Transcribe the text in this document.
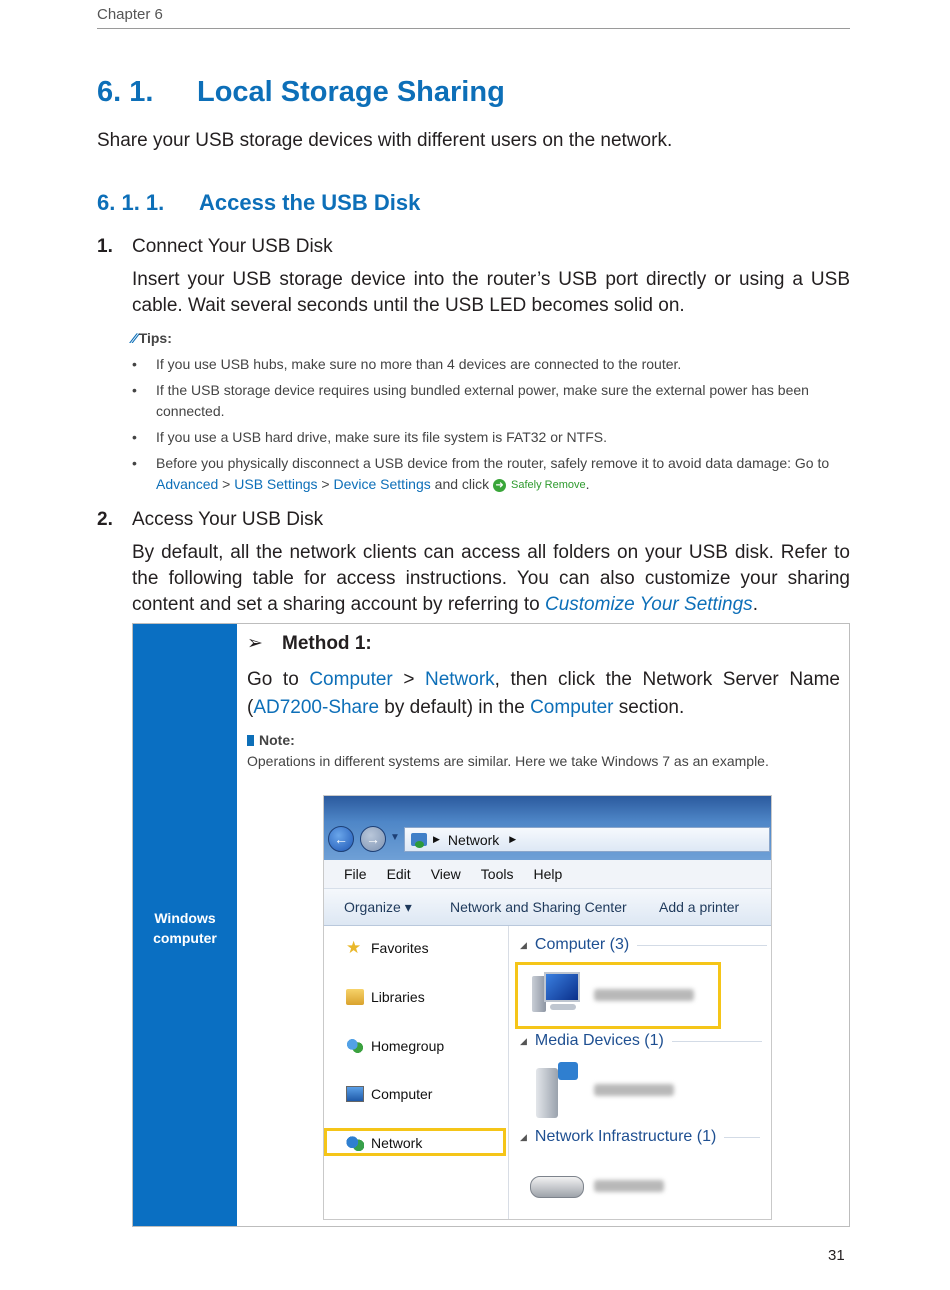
Chapter 6
6. 1. Local Storage Sharing
Share your USB storage devices with different users on the network.
6. 1. 1. Access the USB Disk
1. Connect Your USB Disk
Insert your USB storage device into the router’s USB port directly or using a USB cable. Wait several seconds until the USB LED becomes solid on.
∕∕ Tips:
• If you use USB hubs, make sure no more than 4 devices are connected to the router.
• If the USB storage device requires using bundled external power, make sure the external power has been connected.
• If you use a USB hard drive, make sure its file system is FAT32 or NTFS.
• Before you physically disconnect a USB device from the router, safely remove it to avoid data damage: Go to Advanced > USB Settings > Device Settings and click ➜ Safely Remove .
2. Access Your USB Disk
By default, all the network clients can access all folders on your USB disk. Refer to the following table for access instructions. You can also customize your sharing content and set a sharing account by referring to Customize Your Settings.
Windows computer
➢ Method 1:
Go to Computer > Network, then click the Network Server Name (AD7200-Share by default) in the Computer section.
Note:
Operations in different systems are similar. Here we take Windows 7 as an example.
←	→	▼	▶ Network ▶
File Edit View Tools Help
Organize ▾	Network and Sharing Center Add a printer
★ Favorites
Libraries
Homegroup
Computer
Network
◢ Computer (3)
◢ Media Devices (1)
◢ Network Infrastructure (1)
31
